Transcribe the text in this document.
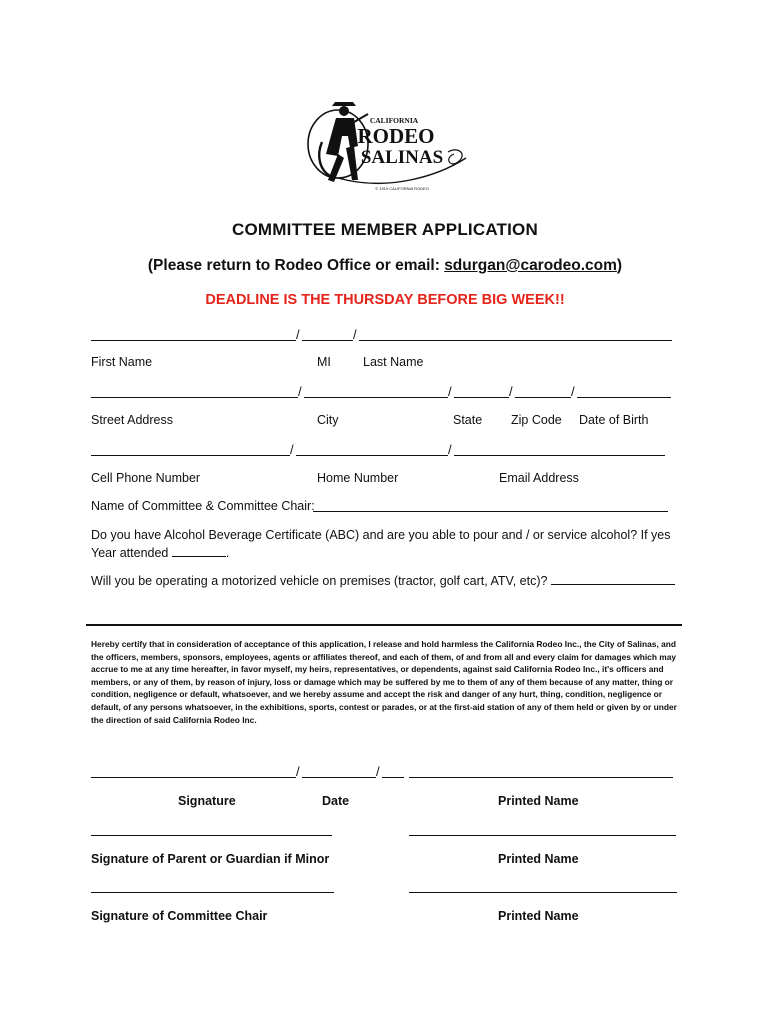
CALIFORNIA
RODEO
SALINAS
© 1919 CALIFORNIA RODEO
COMMITTEE MEMBER APPLICATION
(Please return to Rodeo Office or email: sdurgan@carodeo.com)
DEADLINE IS THE THURSDAY BEFORE BIG WEEK!!
/	/
First Name	MI	Last Name
/	/	/	/
Street Address	City	State Zip Code Date of Birth
/	/
Cell Phone Number	Home Number	Email Address
Name of Committee & Committee Chair:
Do you have Alcohol Beverage Certificate (ABC) and are you able to pour and / or service alcohol? If yes
Year attended	.
Will you be operating a motorized vehicle on premises (tractor, golf cart, ATV, etc)?
Hereby certify that in consideration of acceptance of this application, I release and hold harmless the California Rodeo Inc., the City of Salinas, and the officers, members, sponsors, employees, agents or affiliates thereof, and each of them, of and from all and every claim for damages which may accrue to me at any time hereafter, in favor myself, my heirs, representatives, or dependents, against said California Rodeo Inc., it's officers and members, or any of them, by reason of injury, loss or damage which may be suffered by me to them of any of them because of any matter, thing or condition, negligence or default, whatsoever, and we hereby assume and accept the risk and danger of any hurt, thing, condition, negligence or default, of any persons whatsoever, in the exhibitions, sports, contest or parades, or at the first-aid station of any of them held or given by or under the direction of said California Rodeo Inc.
/	/
Signature	Date	Printed Name
Signature of Parent or Guardian if Minor	Printed Name
Signature of Committee Chair	Printed Name
